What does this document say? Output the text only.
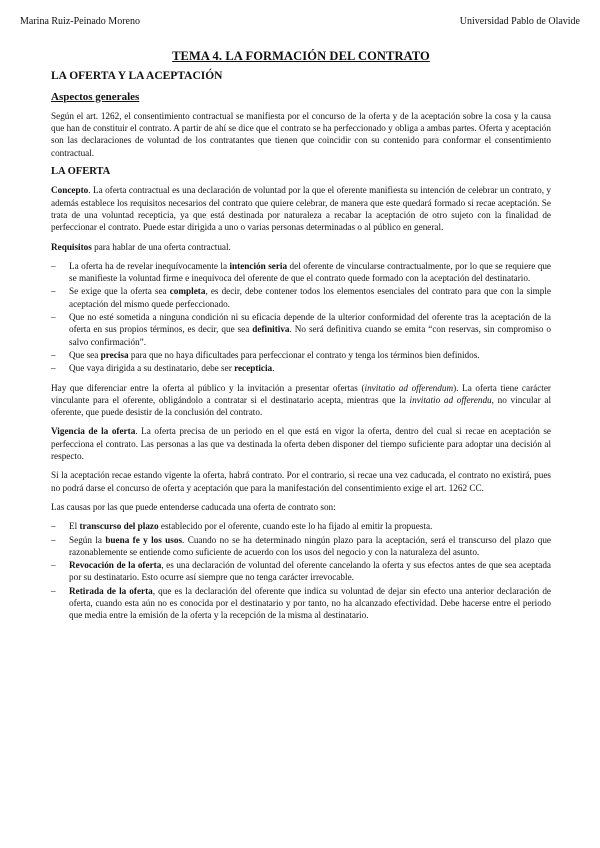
Marina Ruiz-Peinado Moreno	Universidad Pablo de Olavide
TEMA 4. LA FORMACIÓN DEL CONTRATO
LA OFERTA Y LA ACEPTACIÓN
Aspectos generales

Según el art. 1262, el consentimiento contractual se manifiesta por el concurso de la oferta y de la aceptación sobre la cosa y la causa que han de constituir el contrato. A partir de ahí se dice que el contrato se ha perfeccionado y obliga a ambas partes. Oferta y aceptación son las declaraciones de voluntad de los contratantes que tienen que coincidir con su contenido para conformar el consentimiento contractual.

LA OFERTA

Concepto. La oferta contractual es una declaración de voluntad por la que el oferente manifiesta su intención de celebrar un contrato, y además establece los requisitos necesarios del contrato que quiere celebrar, de manera que este quedará formado si recae aceptación. Se trata de una voluntad recepticia, ya que está destinada por naturaleza a recabar la aceptación de otro sujeto con la finalidad de perfeccionar el contrato. Puede estar dirigida a uno o varias personas determinadas o al público en general.

Requisitos para hablar de una oferta contractual.

– La oferta ha de revelar inequívocamente la intención seria del oferente de vincularse contractualmente, por lo que se requiere que se manifieste la voluntad firme e inequívoca del oferente de que el contrato quede formado con la aceptación del destinatario.
– Se exige que la oferta sea completa, es decir, debe contener todos los elementos esenciales del contrato para que con la simple aceptación del mismo quede perfeccionado.
– Que no esté sometida a ninguna condición ni su eficacia depende de la ulterior conformidad del oferente tras la aceptación de la oferta en sus propios términos, es decir, que sea definitiva. No será definitiva cuando se emita “con reservas, sin compromiso o salvo confirmación”.
– Que sea precisa para que no haya dificultades para perfeccionar el contrato y tenga los términos bien definidos.
– Que vaya dirigida a su destinatario, debe ser recepticia.

Hay que diferenciar entre la oferta al público y la invitación a presentar ofertas (invitatio ad offerendum). La oferta tiene carácter vinculante para el oferente, obligándolo a contratar si el destinatario acepta, mientras que la invitatio ad offerendu, no vincular al oferente, que puede desistir de la conclusión del contrato.

Vigencia de la oferta. La oferta precisa de un periodo en el que está en vigor la oferta, dentro del cual si recae en aceptación se perfecciona el contrato. Las personas a las que va destinada la oferta deben disponer del tiempo suficiente para adoptar una decisión al respecto.

Si la aceptación recae estando vigente la oferta, habrá contrato. Por el contrario, si recae una vez caducada, el contrato no existirá, pues no podrá darse el concurso de oferta y aceptación que para la manifestación del consentimiento exige el art. 1262 CC.

Las causas por las que puede entenderse caducada una oferta de contrato son:

– El transcurso del plazo establecido por el oferente, cuando este lo ha fijado al emitir la propuesta.
– Según la buena fe y los usos. Cuando no se ha determinado ningún plazo para la aceptación, será el transcurso del plazo que razonablemente se entiende como suficiente de acuerdo con los usos del negocio y con la naturaleza del asunto.
– Revocación de la oferta, es una declaración de voluntad del oferente cancelando la oferta y sus efectos antes de que sea aceptada por su destinatario. Esto ocurre así siempre que no tenga carácter irrevocable.
– Retirada de la oferta, que es la declaración del oferente que indica su voluntad de dejar sin efecto una anterior declaración de oferta, cuando esta aún no es conocida por el destinatario y por tanto, no ha alcanzado efectividad. Debe hacerse entre el periodo que media entre la emisión de la oferta y la recepción de la misma al destinatario.
